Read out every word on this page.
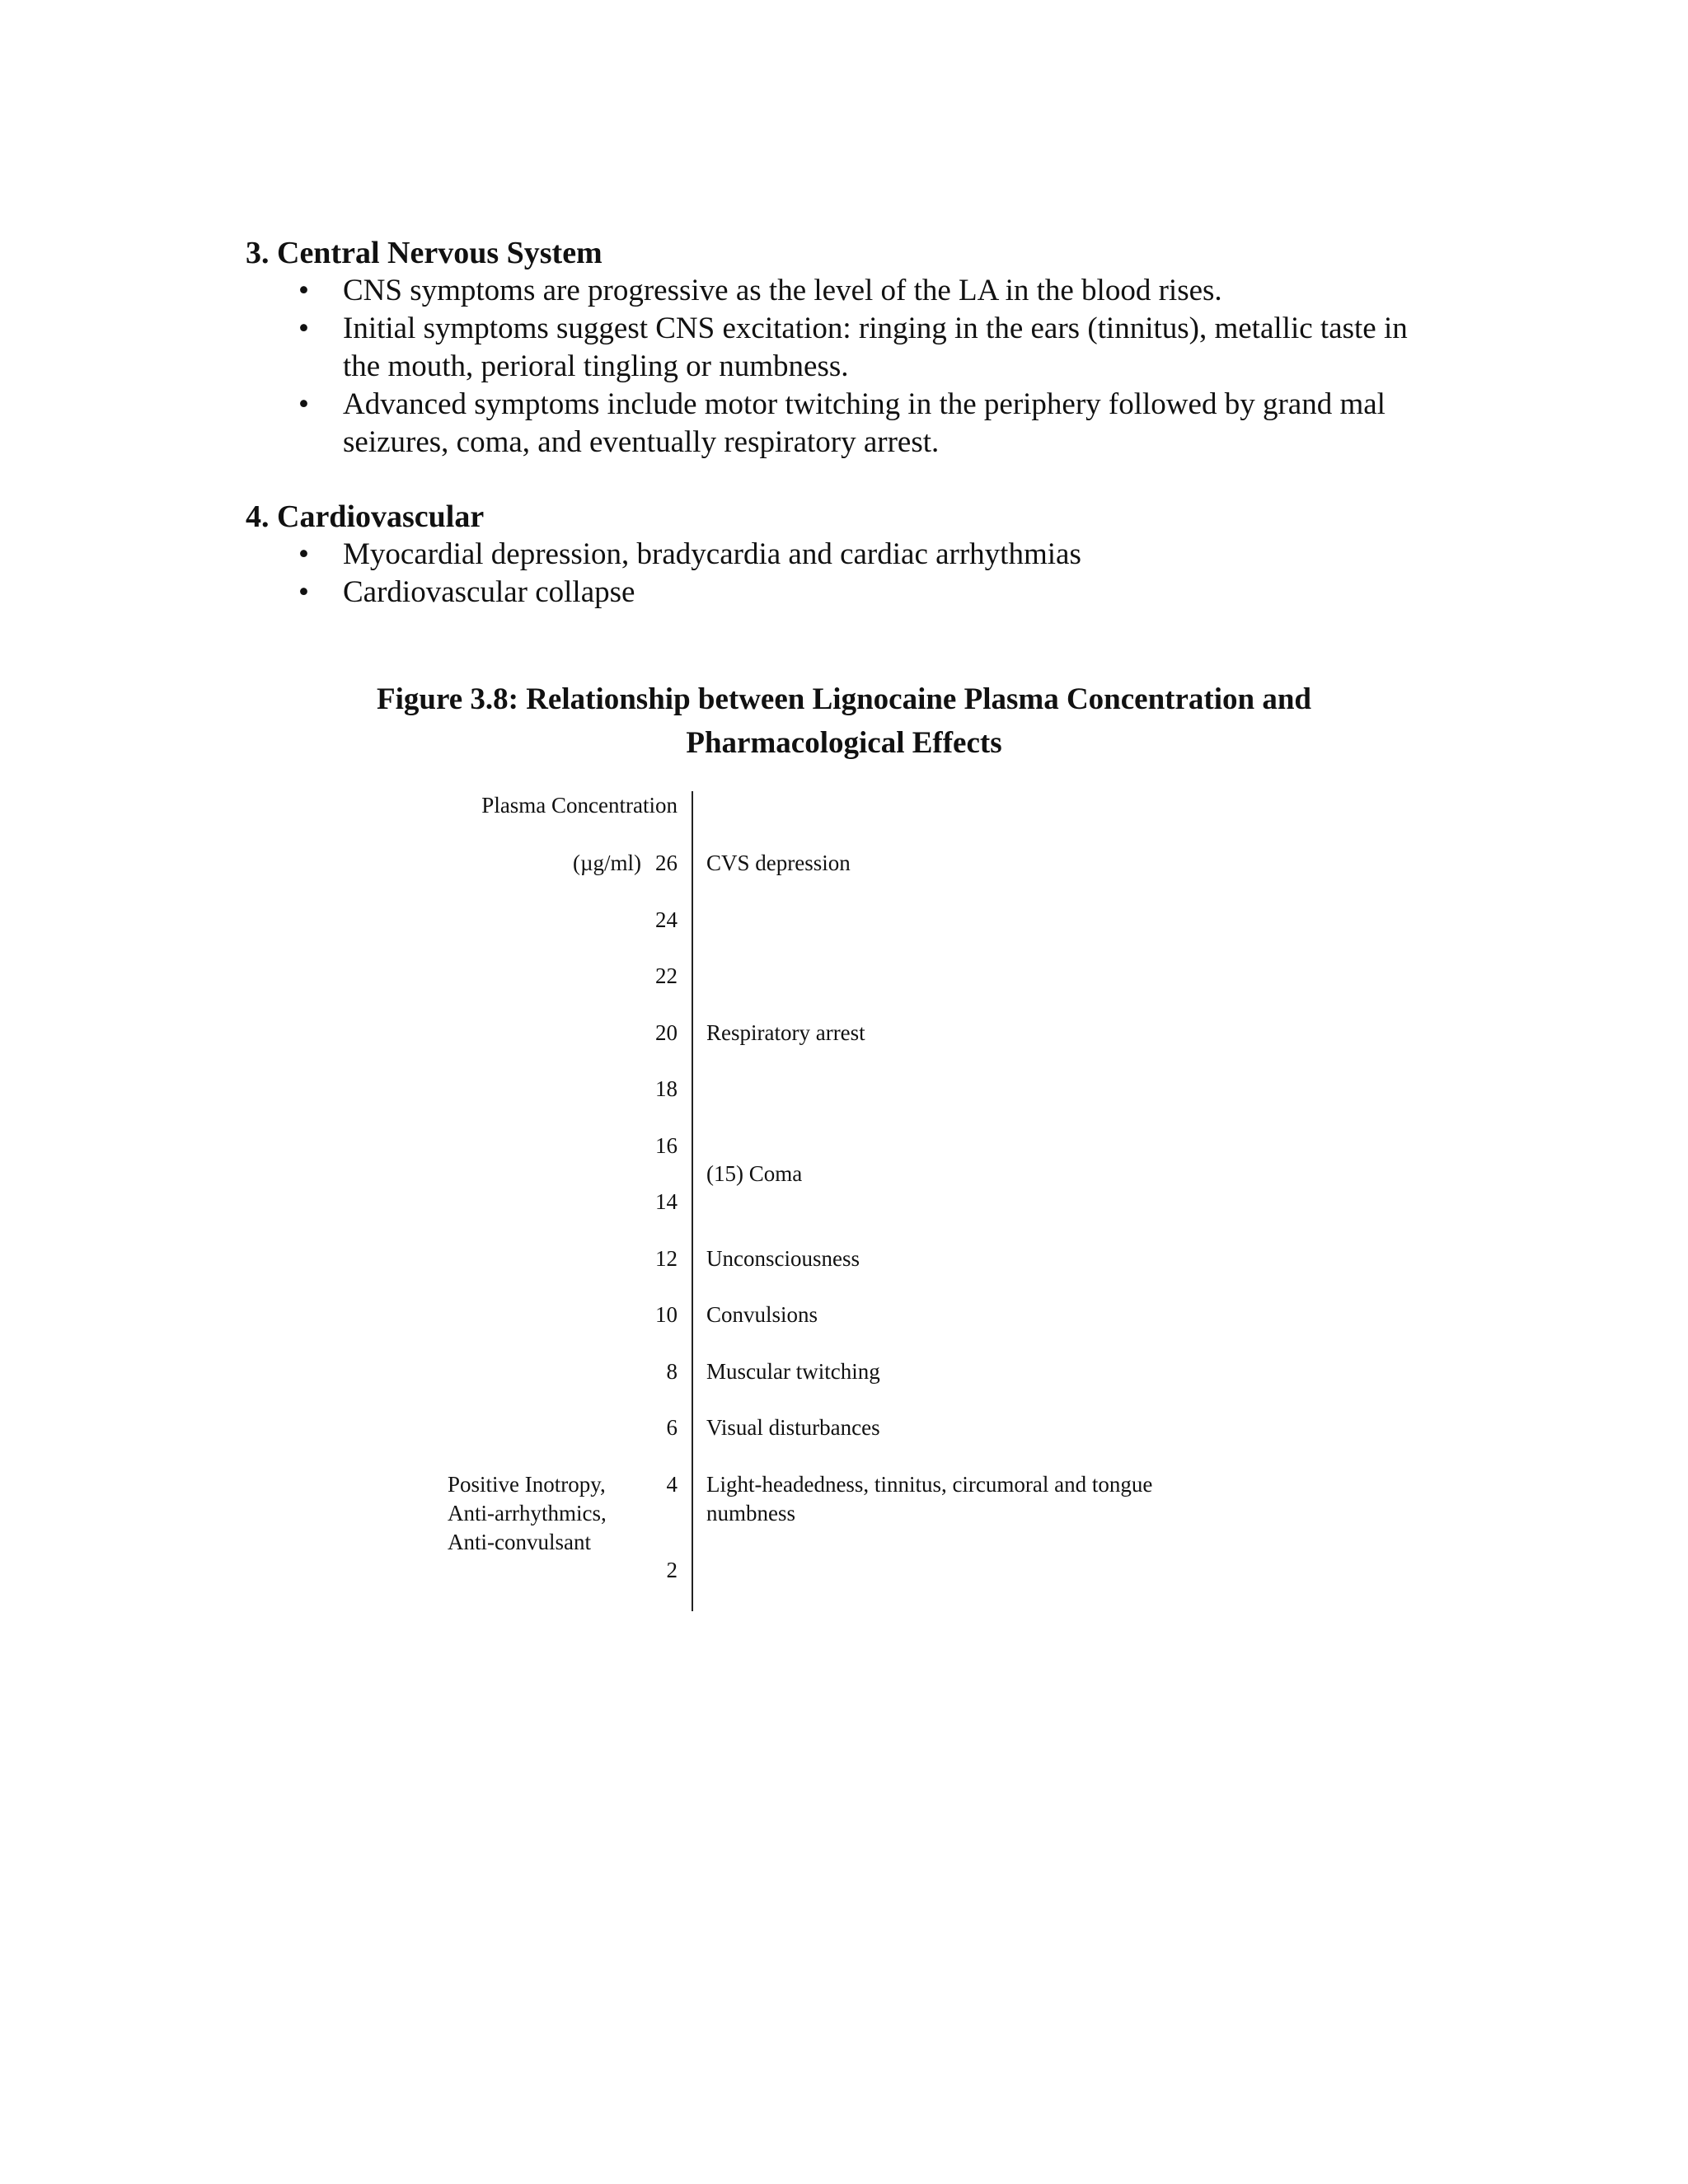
3. Central Nervous System
• CNS symptoms are progressive as the level of the LA in the blood rises.
• Initial symptoms suggest CNS excitation: ringing in the ears (tinnitus), metallic taste in the mouth, perioral tingling or numbness.
• Advanced symptoms include motor twitching in the periphery followed by grand mal seizures, coma, and eventually respiratory arrest.
4. Cardiovascular
• Myocardial depression, bradycardia and cardiac arrhythmias
• Cardiovascular collapse
Figure 3.8: Relationship between Lignocaine Plasma Concentration and
Pharmacological Effects
Plasma Concentration
(µg/ml) 26
24
22
20
18
16
14
12
10
8
6
4
2
CVS depression
Respiratory arrest
(15) Coma
Unconsciousness
Convulsions
Muscular twitching
Visual disturbances
Light-headedness, tinnitus, circumoral and tongue
numbness
Positive Inotropy,
Anti-arrhythmics,
Anti-convulsant
